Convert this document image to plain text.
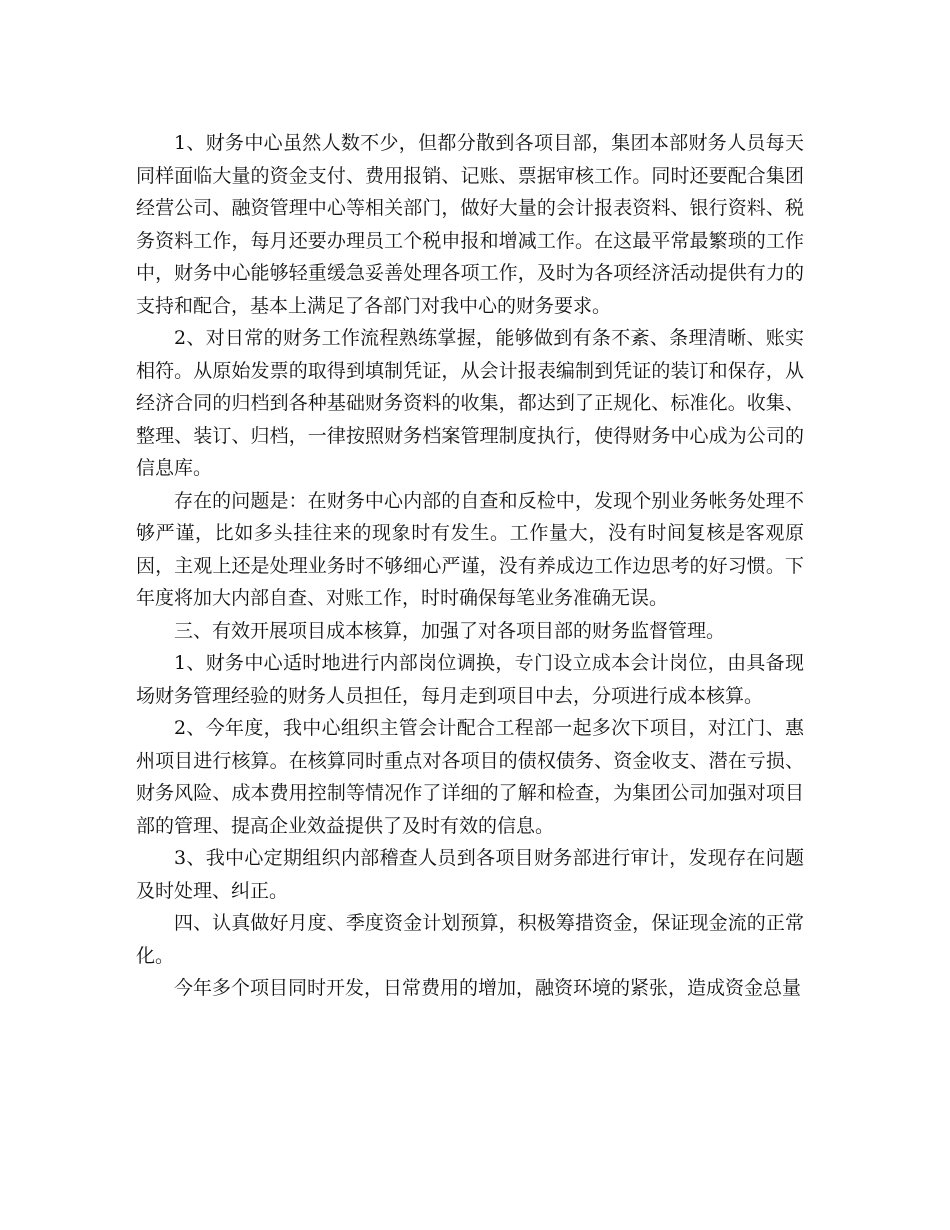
1、财务中心虽然人数不少，但都分散到各项目部，集团本部财务人员每天同样面临大量的资金支付、费用报销、记账、票据审核工作。同时还要配合集团经营公司、融资管理中心等相关部门，做好大量的会计报表资料、银行资料、税务资料工作，每月还要办理员工个税申报和增减工作。在这最平常最繁琐的工作中，财务中心能够轻重缓急妥善处理各项工作，及时为各项经济活动提供有力的支持和配合，基本上满足了各部门对我中心的财务要求。

2、对日常的财务工作流程熟练掌握，能够做到有条不紊、条理清晰、账实相符。从原始发票的取得到填制凭证，从会计报表编制到凭证的装订和保存，从经济合同的归档到各种基础财务资料的收集，都达到了正规化、标准化。收集、整理、装订、归档，一律按照财务档案管理制度执行，使得财务中心成为公司的信息库。

存在的问题是：在财务中心内部的自查和反检中，发现个别业务帐务处理不够严谨，比如多头挂往来的现象时有发生。工作量大，没有时间复核是客观原因，主观上还是处理业务时不够细心严谨，没有养成边工作边思考的好习惯。下年度将加大内部自查、对账工作，时时确保每笔业务准确无误。

三、有效开展项目成本核算，加强了对各项目部的财务监督管理。

1、财务中心适时地进行内部岗位调换，专门设立成本会计岗位，由具备现场财务管理经验的财务人员担任，每月走到项目中去，分项进行成本核算。

2、今年度，我中心组织主管会计配合工程部一起多次下项目，对江门、惠州项目进行核算。在核算同时重点对各项目的债权债务、资金收支、潜在亏损、财务风险、成本费用控制等情况作了详细的了解和检查，为集团公司加强对项目部的管理、提高企业效益提供了及时有效的信息。

3、我中心定期组织内部稽查人员到各项目财务部进行审计，发现存在问题及时处理、纠正。

四、认真做好月度、季度资金计划预算，积极筹措资金，保证现金流的正常化。

今年多个项目同时开发，日常费用的增加，融资环境的紧张，造成资金总量
